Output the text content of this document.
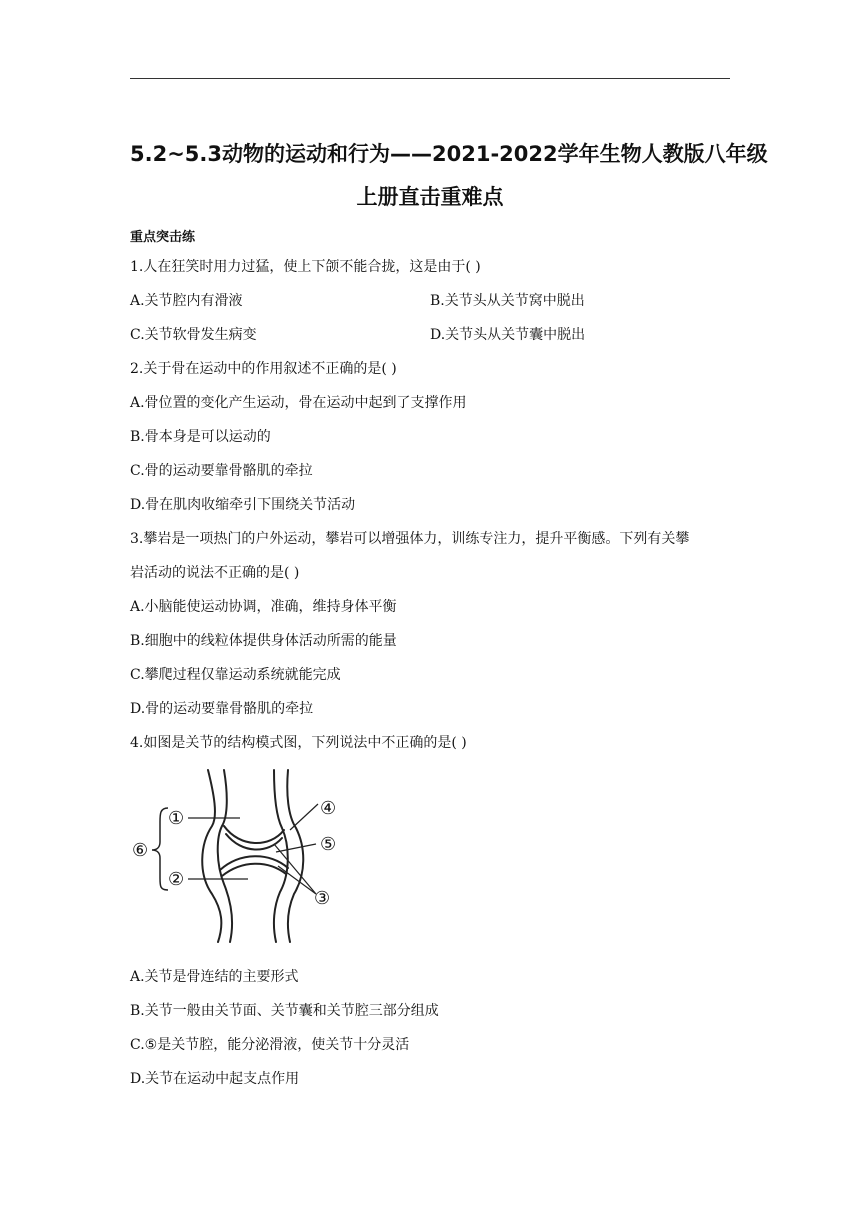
5.2~5.3动物的运动和行为——2021-2022学年生物人教版八年级
上册直击重难点
重点突击练
1.人在狂笑时用力过猛，使上下颌不能合拢，这是由于( )
A.关节腔内有滑液	B.关节头从关节窝中脱出
C.关节软骨发生病变	D.关节头从关节囊中脱出
2.关于骨在运动中的作用叙述不正确的是( )
A.骨位置的变化产生运动，骨在运动中起到了支撑作用
B.骨本身是可以运动的
C.骨的运动要靠骨骼肌的牵拉
D.骨在肌肉收缩牵引下围绕关节活动
3.攀岩是一项热门的户外运动，攀岩可以增强体力，训练专注力，提升平衡感。下列有关攀
岩活动的说法不正确的是( )
A.小脑能使运动协调，准确，维持身体平衡
B.细胞中的线粒体提供身体活动所需的能量
C.攀爬过程仅靠运动系统就能完成
D.骨的运动要靠骨骼肌的牵拉
4.如图是关节的结构模式图，下列说法中不正确的是( )
①
②
③
④
⑤
⑥
A.关节是骨连结的主要形式
B.关节一般由关节面、关节囊和关节腔三部分组成
C.⑤是关节腔，能分泌滑液，使关节十分灵活
D.关节在运动中起支点作用
